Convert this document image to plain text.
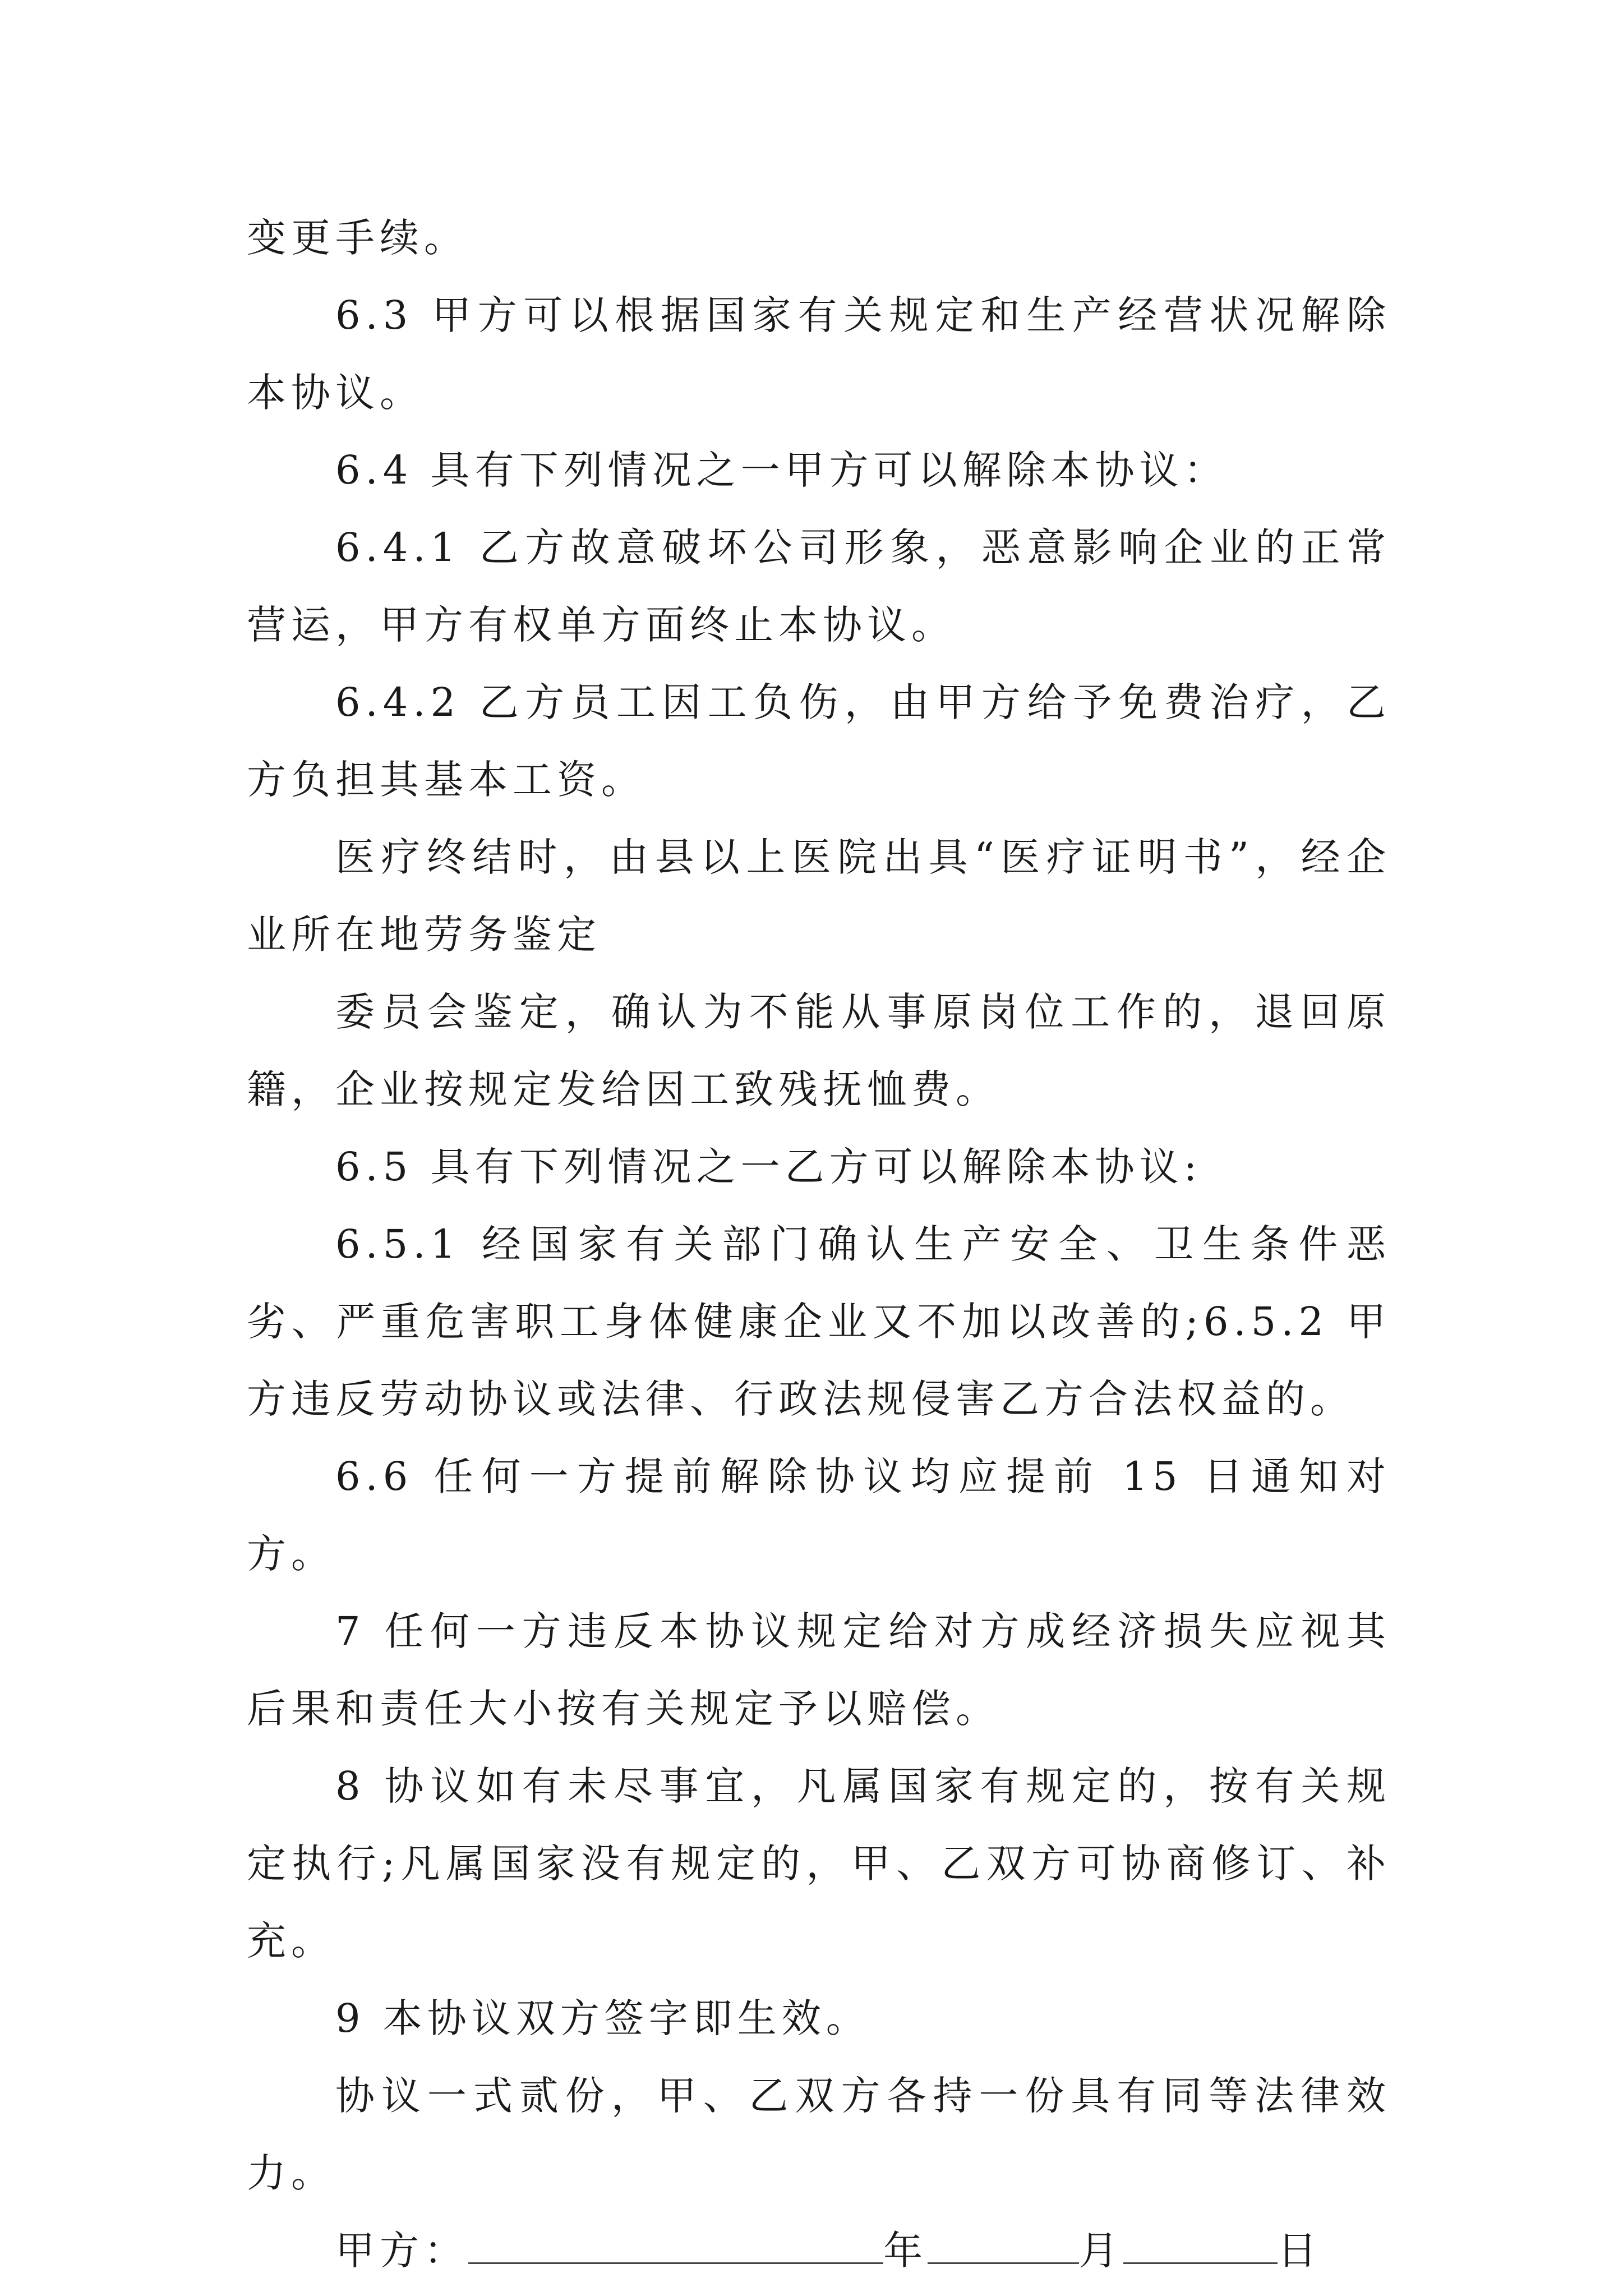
变更手续。

6.3 甲方可以根据国家有关规定和生产经营状况解除本协议。

6.4 具有下列情况之一甲方可以解除本协议：

6.4.1 乙方故意破坏公司形象，恶意影响企业的正常营运，甲方有权单方面终止本协议。

6.4.2 乙方员工因工负伤，由甲方给予免费治疗，乙方负担其基本工资。

医疗终结时，由县以上医院出具“医疗证明书”，经企业所在地劳务鉴定

委员会鉴定，确认为不能从事原岗位工作的，退回原籍，企业按规定发给因工致残抚恤费。

6.5 具有下列情况之一乙方可以解除本协议:

6.5.1 经国家有关部门确认生产安全、卫生条件恶劣、严重危害职工身体健康企业又不加以改善的;6.5.2 甲方违反劳动协议或法律、行政法规侵害乙方合法权益的。

6.6 任何一方提前解除协议均应提前 15 日通知对方。

7 任何一方违反本协议规定给对方成经济损失应视其后果和责任大小按有关规定予以赔偿。

8 协议如有未尽事宜，凡属国家有规定的，按有关规定执行;凡属国家没有规定的，甲、乙双方可协商修订、补充。

9 本协议双方签字即生效。

协议一式贰份，甲、乙双方各持一份具有同等法律效力。

甲方：	年	月	日
